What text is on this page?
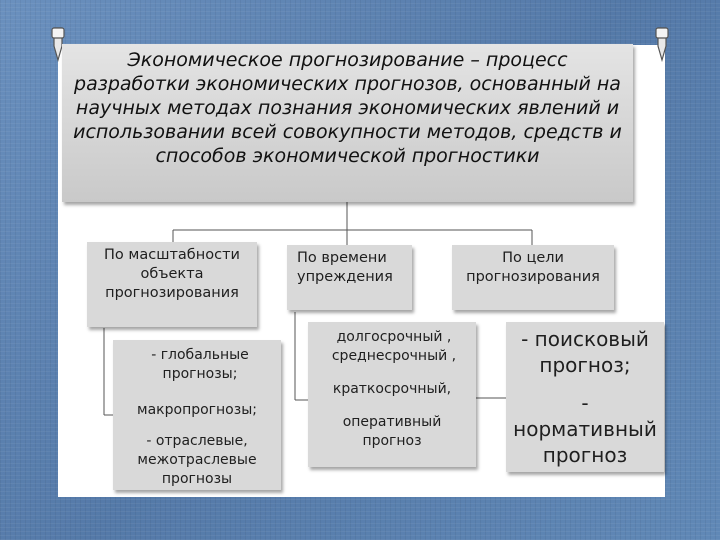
Экономическое прогнозирование – процесс разработки экономических прогнозов, основанный на научных методах познания экономических явлений и использовании всей совокупности методов, средств и способов экономической прогностики
По масштабности объекта прогнозирования
По времени упреждения
По цели прогнозирования
- глобальные прогнозы;
макропрогнозы;
- отраслевые, межотраслевые прогнозы
долгосрочный , среднесрочный ,
краткосрочный,
оперативный прогноз
- поисковый прогноз;
- нормативный прогноз
